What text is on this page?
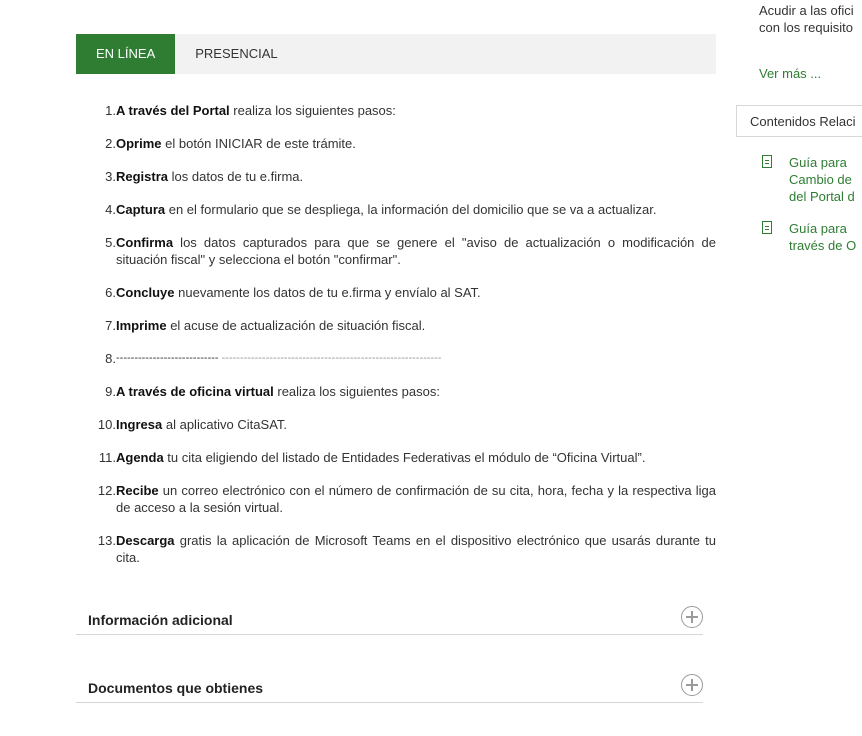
EN LÍNEA	PRESENCIAL
1. A través del Portal realiza los siguientes pasos:
2. Oprime el botón INICIAR de este trámite.
3. Registra los datos de tu e.firma.
4. Captura en el formulario que se despliega, la información del domicilio que se va a actualizar.
5. Confirma los datos capturados para que se genere el "aviso de actualización o modificación de situación fiscal" y selecciona el botón "confirmar".
6. Concluye nuevamente los datos de tu e.firma y envíalo al SAT.
7. Imprime el acuse de actualización de situación fiscal.
8. ---------------------------- ------------------------------------------------------------
9. A través de oficina virtual realiza los siguientes pasos:
10. Ingresa al aplicativo CitaSAT.
11. Agenda tu cita eligiendo del listado de Entidades Federativas el módulo de “Oficina Virtual”.
12. Recibe un correo electrónico con el número de confirmación de su cita, hora, fecha y la respectiva liga de acceso a la sesión virtual.
13. Descarga gratis la aplicación de Microsoft Teams en el dispositivo electrónico que usarás durante tu cita.
Información adicional
Documentos que obtienes
Acudir a las ofici
con los requisito
Ver más ...
Contenidos Relaci
Guía para
Cambio de
del Portal d
Guía para
través de O
